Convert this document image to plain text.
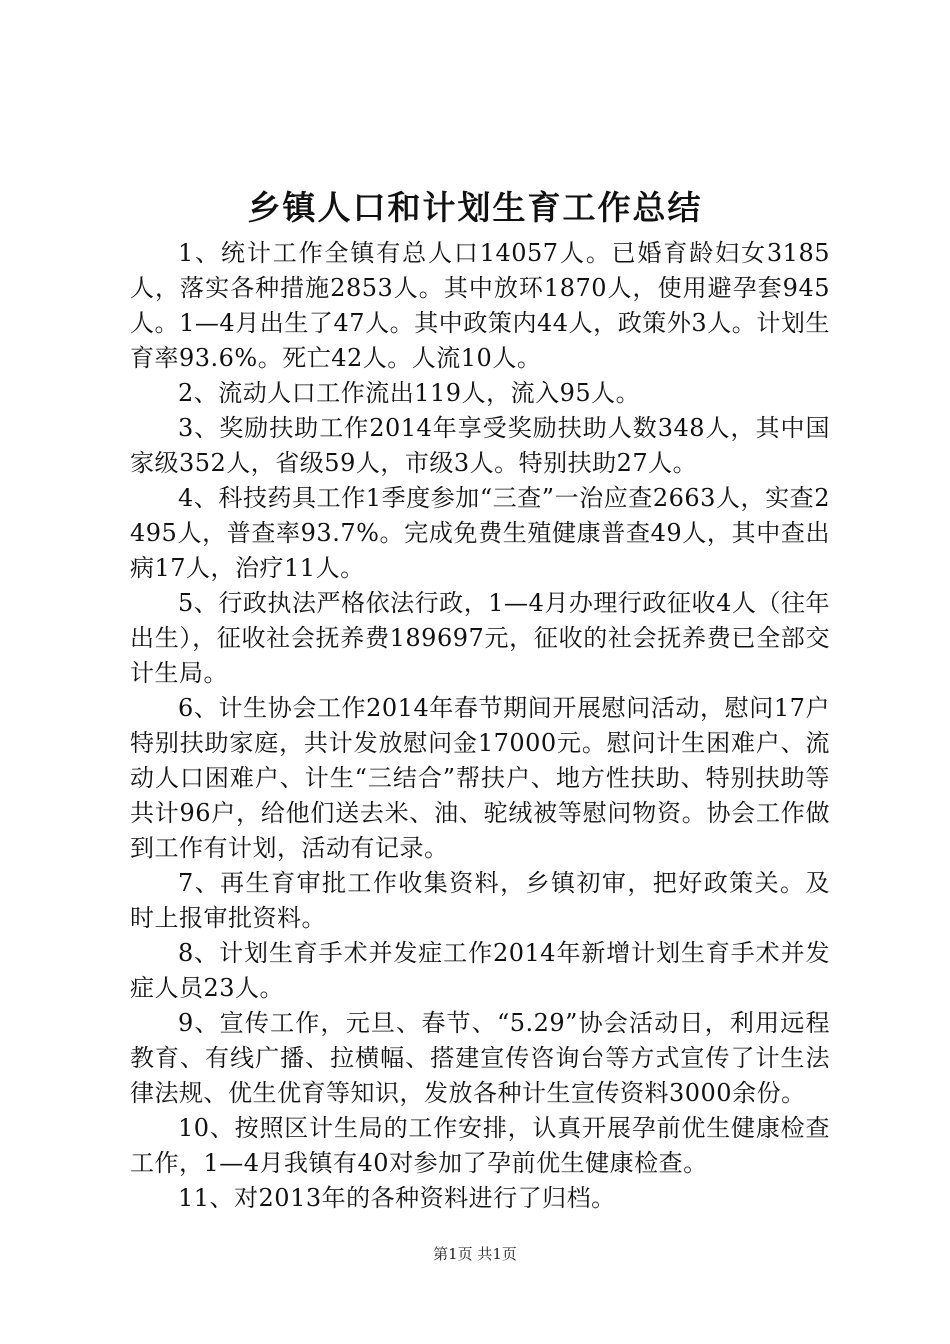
乡镇人口和计划生育工作总结

1、统计工作全镇有总人口14057人。已婚育龄妇女3185人，落实各种措施2853人。其中放环1870人，使用避孕套945人。1—4月出生了47人。其中政策内44人，政策外3人。计划生育率93.6%。死亡42人。人流10人。

2、流动人口工作流出119人，流入95人。

3、奖励扶助工作2014年享受奖励扶助人数348人，其中国家级352人，省级59人，市级3人。特别扶助27人。

4、科技药具工作1季度参加“三查”一治应查2663人，实查2495人，普查率93.7%。完成免费生殖健康普查49人，其中查出病17人，治疗11人。

5、行政执法严格依法行政，1—4月办理行政征收4人（往年出生），征收社会抚养费189697元，征收的社会抚养费已全部交计生局。

6、计生协会工作2014年春节期间开展慰问活动，慰问17户特别扶助家庭，共计发放慰问金17000元。慰问计生困难户、流动人口困难户、计生“三结合”帮扶户、地方性扶助、特别扶助等共计96户，给他们送去米、油、驼绒被等慰问物资。协会工作做到工作有计划，活动有记录。

7、再生育审批工作收集资料，乡镇初审，把好政策关。及时上报审批资料。

8、计划生育手术并发症工作2014年新增计划生育手术并发症人员23人。

9、宣传工作，元旦、春节、“5.29”协会活动日，利用远程教育、有线广播、拉横幅、搭建宣传咨询台等方式宣传了计生法律法规、优生优育等知识，发放各种计生宣传资料3000余份。

10、按照区计生局的工作安排，认真开展孕前优生健康检查工作，1—4月我镇有40对参加了孕前优生健康检查。

11、对2013年的各种资料进行了归档。

第1页 共1页
